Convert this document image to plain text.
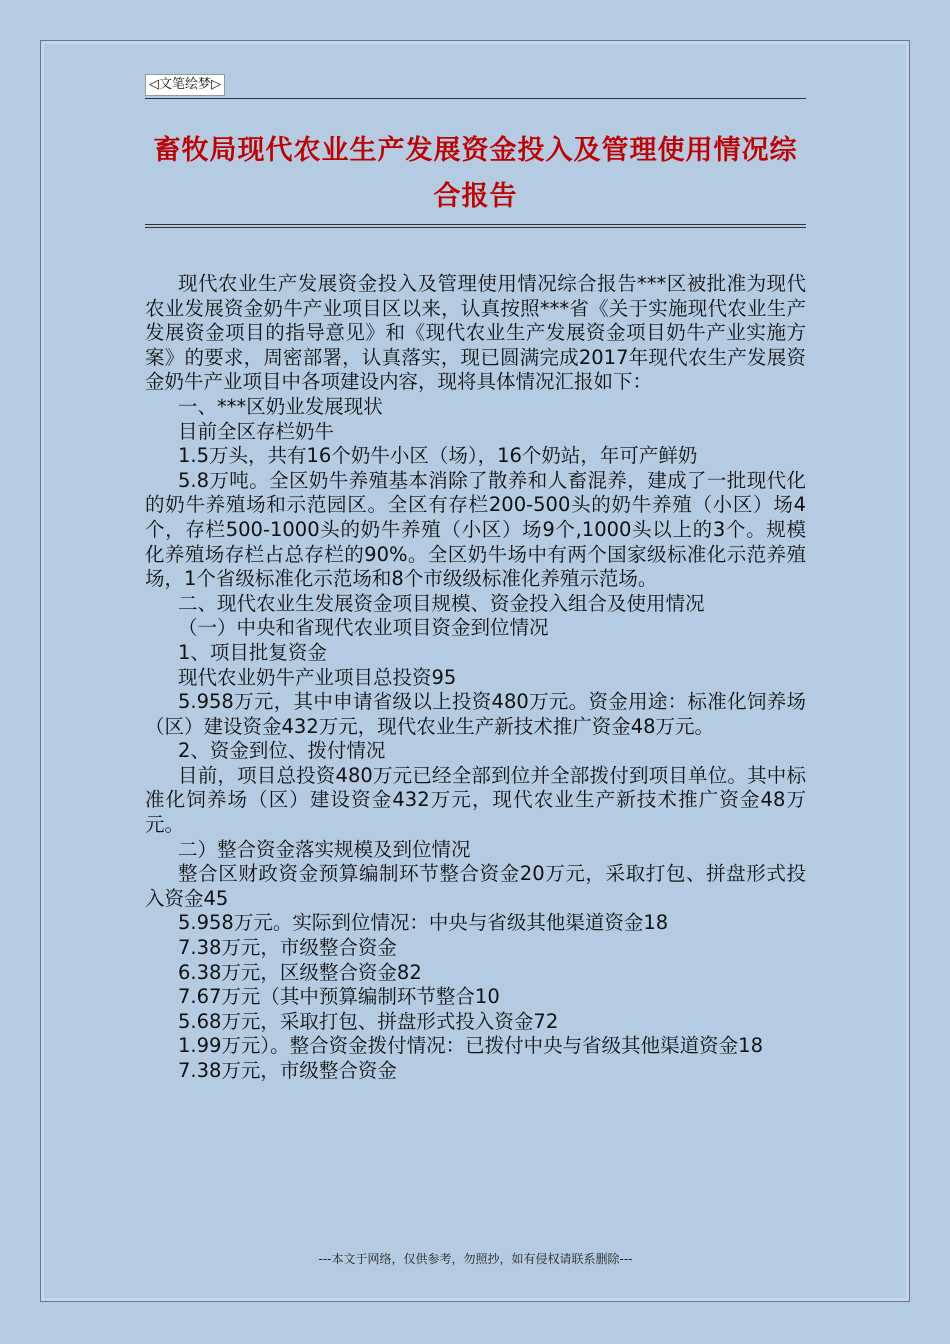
◁文笔绘梦▷
畜牧局现代农业生产发展资金投入及管理使用情况综合报告

现代农业生产发展资金投入及管理使用情况综合报告***区被批准为现代农业发展资金奶牛产业项目区以来，认真按照***省《关于实施现代农业生产发展资金项目的指导意见》和《现代农业生产发展资金项目奶牛产业实施方案》的要求，周密部署，认真落实，现已圆满完成2017年现代农生产发展资金奶牛产业项目中各项建设内容，现将具体情况汇报如下：

一、***区奶业发展现状

目前全区存栏奶牛

1.5万头，共有16个奶牛小区（场），16个奶站，年可产鲜奶

5.8万吨。全区奶牛养殖基本消除了散养和人畜混养，建成了一批现代化的奶牛养殖场和示范园区。全区有存栏200-500头的奶牛养殖（小区）场4个，存栏500-1000头的奶牛养殖（小区）场9个,1000头以上的3个。规模化养殖场存栏占总存栏的90%。全区奶牛场中有两个国家级标准化示范养殖场，1个省级标准化示范场和8个市级级标准化养殖示范场。

二、现代农业生发展资金项目规模、资金投入组合及使用情况

（一）中央和省现代农业项目资金到位情况

1、项目批复资金

现代农业奶牛产业项目总投资95

5.958万元，其中申请省级以上投资480万元。资金用途：标准化饲养场（区）建设资金432万元，现代农业生产新技术推广资金48万元。

2、资金到位、拨付情况

目前，项目总投资480万元已经全部到位并全部拨付到项目单位。其中标准化饲养场（区）建设资金432万元，现代农业生产新技术推广资金48万元。

二）整合资金落实规模及到位情况

整合区财政资金预算编制环节整合资金20万元，采取打包、拼盘形式投入资金45

5.958万元。实际到位情况：中央与省级其他渠道资金18

7.38万元，市级整合资金

6.38万元，区级整合资金82

7.67万元（其中预算编制环节整合10

5.68万元，采取打包、拼盘形式投入资金72

1.99万元）。整合资金拨付情况：已拨付中央与省级其他渠道资金18

7.38万元，市级整合资金

---本文于网络，仅供参考，勿照抄，如有侵权请联系删除---
